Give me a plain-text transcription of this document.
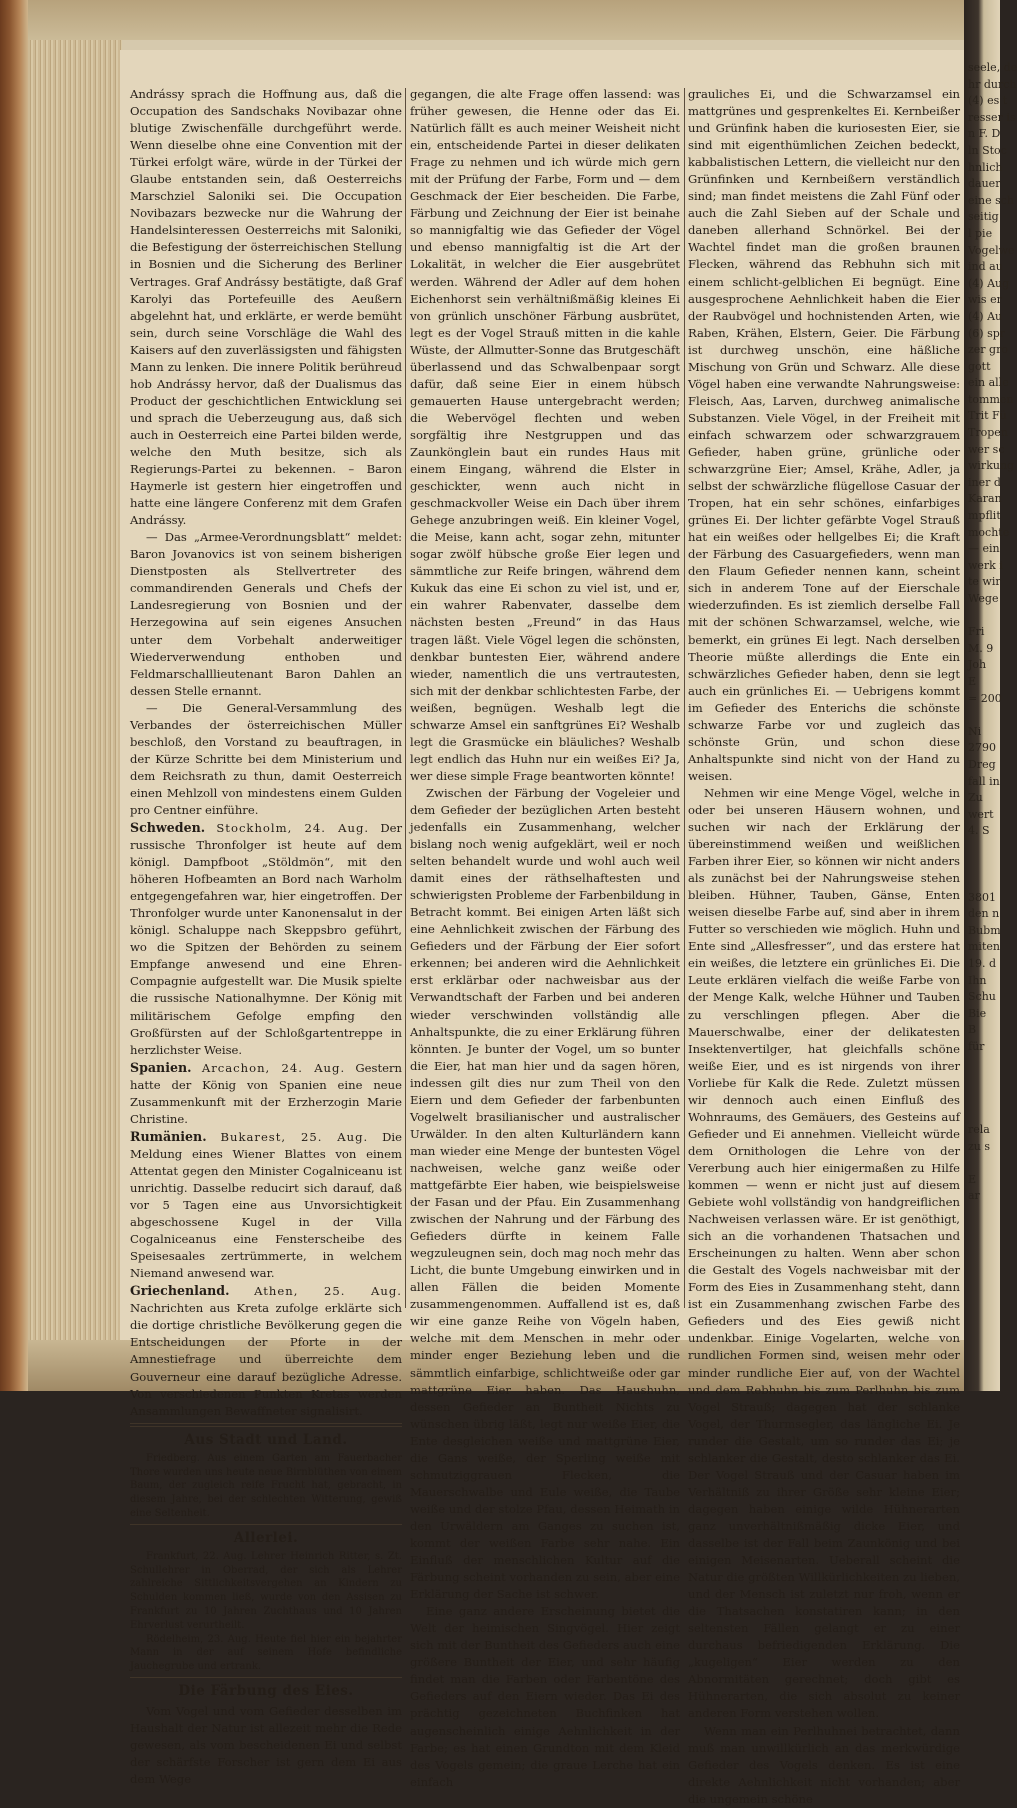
Andrássy sprach die Hoffnung aus, daß die Occupation des Sandschaks Novibazar ohne blutige Zwischenfälle durchgeführt werde. Wenn dieselbe ohne eine Convention mit der Türkei erfolgt wäre, würde in der Türkei der Glaube entstanden sein, daß Oesterreichs Marschziel Saloniki sei. Die Occupation Novibazars bezwecke nur die Wahrung der Handelsinteressen Oesterreichs mit Saloniki, die Befestigung der österreichischen Stellung in Bosnien und die Sicherung des Berliner Vertrages. Graf Andrássy bestätigte, daß Graf Karolyi das Portefeuille des Aeußern abgelehnt hat, und erklärte, er werde bemüht sein, durch seine Vorschläge die Wahl des Kaisers auf den zuverlässigsten und fähigsten Mann zu lenken. Die innere Politik berühreud hob Andrássy hervor, daß der Dualismus das Product der geschichtlichen Entwicklung sei und sprach die Ueberzeugung aus, daß sich auch in Oesterreich eine Partei bilden werde, welche den Muth besitze, sich als Regierungs-Partei zu bekennen. – Baron Haymerle ist gestern hier eingetroffen und hatte eine längere Conferenz mit dem Grafen Andrássy.

— Das „Armee-Verordnungsblatt“ meldet: Baron Jovanovics ist von seinem bisherigen Dienstposten als Stellvertreter des commandirenden Generals und Chefs der Landesregierung von Bosnien und der Herzegowina auf sein eigenes Ansuchen unter dem Vorbehalt anderweitiger Wiederverwendung enthoben und Feldmarschalllieutenant Baron Dahlen an dessen Stelle ernannt.

— Die General-Versammlung des Verbandes der österreichischen Müller beschloß, den Vorstand zu beauftragen, in der Kürze Schritte bei dem Ministerium und dem Reichsrath zu thun, damit Oesterreich einen Mehlzoll von mindestens einem Gulden pro Centner einführe.

Schweden. Stockholm, 24. Aug. Der russische Thronfolger ist heute auf dem königl. Dampfboot „Stöldmön“, mit den höheren Hofbeamten an Bord nach Warholm entgegengefahren war, hier eingetroffen. Der Thronfolger wurde unter Kanonensalut in der königl. Schaluppe nach Skeppsbro geführt, wo die Spitzen der Behörden zu seinem Empfange anwesend und eine Ehren-Compagnie aufgestellt war. Die Musik spielte die russische Nationalhymne. Der König mit militärischem Gefolge empfing den Großfürsten auf der Schloßgartentreppe in herzlichster Weise.

Spanien. Arcachon, 24. Aug. Gestern hatte der König von Spanien eine neue Zusammenkunft mit der Erzherzogin Marie Christine.

Rumänien. Bukarest, 25. Aug. Die Meldung eines Wiener Blattes von einem Attentat gegen den Minister Cogalniceanu ist unrichtig. Dasselbe reducirt sich darauf, daß vor 5 Tagen eine aus Unvorsichtigkeit abgeschossene Kugel in der Villa Cogalniceanus eine Fensterscheibe des Speisesaales zertrümmerte, in welchem Niemand anwesend war.

Griechenland. Athen, 25. Aug. Nachrichten aus Kreta zufolge erklärte sich die dortige christliche Bevölkerung gegen die Entscheidungen der Pforte in der Amnestiefrage und überreichte dem Gouverneur eine darauf bezügliche Adresse. Von verschiedenen Punkten Kretas werden Ansammlungen Bewaffneter signalisirt.

Aus Stadt und Land.

Friedberg. Aus einem Garten am Fauerbacher Thore wurden uns heute neue Birnblüthen von einem Baum, der zugleich reife Frucht hat, gebracht, in diesem Jahre, bei der schlechten Witterung, gewiß eine Seltenheit.

Allerlei.

Frankfurt, 22. Aug. Lehrer Heinrich Ritter, s. Zt. Schullehrer in Oberrad, der sich als Lehrer zahlreiche Sittlichkeitsvergehen an Kindern zu Schulden kommen ließ, wurde von den Assisen zu Frankfurt zu 10 Jahren Zuchthaus und 10 Jahren Ehrverlust verurtheilt.

Rödelheim, 23. Aug. Heute fiel hier ein bejahrter Mann in der auf seinem Hofe befindliche Jauchegrube und ertrank.

Die Färbung des Eies.

Vom Vogel und vom Gefieder desselben im Haushalt der Natur ist allezeit mehr die Rede gewesen, als vom bescheidenen Ei und selbst der schärfste Forscher ist gern dem Ei aus dem Wege

gegangen, die alte Frage offen lassend: was früher gewesen, die Henne oder das Ei. Natürlich fällt es auch meiner Weisheit nicht ein, entscheidende Partei in dieser delikaten Frage zu nehmen und ich würde mich gern mit der Prüfung der Farbe, Form und — dem Geschmack der Eier bescheiden. Die Farbe, Färbung und Zeichnung der Eier ist beinahe so mannigfaltig wie das Gefieder der Vögel und ebenso mannigfaltig ist die Art der Lokalität, in welcher die Eier ausgebrütet werden. Während der Adler auf dem hohen Eichenhorst sein verhältnißmäßig kleines Ei von grünlich unschöner Färbung ausbrütet, legt es der Vogel Strauß mitten in die kahle Wüste, der Allmutter-Sonne das Brutgeschäft überlassend und das Schwalbenpaar sorgt dafür, daß seine Eier in einem hübsch gemauerten Hause untergebracht werden; die Webervögel flechten und weben sorgfältig ihre Nestgruppen und das Zaunkönglein baut ein rundes Haus mit einem Eingang, während die Elster in geschickter, wenn auch nicht in geschmackvoller Weise ein Dach über ihrem Gehege anzubringen weiß. Ein kleiner Vogel, die Meise, kann acht, sogar zehn, mitunter sogar zwölf hübsche große Eier legen und sämmtliche zur Reife bringen, während dem Kukuk das eine Ei schon zu viel ist, und er, ein wahrer Rabenvater, dasselbe dem nächsten besten „Freund“ in das Haus tragen läßt. Viele Vögel legen die schönsten, denkbar buntesten Eier, während andere wieder, namentlich die uns vertrautesten, sich mit der denkbar schlichtesten Farbe, der weißen, begnügen. Weshalb legt die schwarze Amsel ein sanftgrünes Ei? Weshalb legt die Grasmücke ein bläuliches? Weshalb legt endlich das Huhn nur ein weißes Ei? Ja, wer diese simple Frage beantworten könnte!

Zwischen der Färbung der Vogeleier und dem Gefieder der bezüglichen Arten besteht jedenfalls ein Zusammenhang, welcher bislang noch wenig aufgeklärt, weil er noch selten behandelt wurde und wohl auch weil damit eines der räthselhaftesten und schwierigsten Probleme der Farbenbildung in Betracht kommt. Bei einigen Arten läßt sich eine Aehnlichkeit zwischen der Färbung des Gefieders und der Färbung der Eier sofort erkennen; bei anderen wird die Aehnlichkeit erst erklärbar oder nachweisbar aus der Verwandtschaft der Farben und bei anderen wieder verschwinden vollständig alle Anhaltspunkte, die zu einer Erklärung führen könnten. Je bunter der Vogel, um so bunter die Eier, hat man hier und da sagen hören, indessen gilt dies nur zum Theil von den Eiern und dem Gefieder der farbenbunten Vogelwelt brasilianischer und australischer Urwälder. In den alten Kulturländern kann man wieder eine Menge der buntesten Vögel nachweisen, welche ganz weiße oder mattgefärbte Eier haben, wie beispielsweise der Fasan und der Pfau. Ein Zusammenhang zwischen der Nahrung und der Färbung des Gefieders dürfte in keinem Falle wegzuleugnen sein, doch mag noch mehr das Licht, die bunte Umgebung einwirken und in allen Fällen die beiden Momente zusammengenommen. Auffallend ist es, daß wir eine ganze Reihe von Vögeln haben, welche mit dem Menschen in mehr oder minder enger Beziehung leben und die sämmtlich einfarbige, schlichtweiße oder gar mattgrüne Eier haben. Das Haushuhn, dessen Gefieder an Buntheit Nichts zu wünschen übrig läßt, legt nur weiße Eier, die Ente desgleichen weiße und mattgrüne Eier, die Gans weiße, der Sperling weiße mit schmutziggrauen Flecken, die Mauerschwalbe und Eule weiße, die Taube weiße und der stolze Pfau, dessen Heimath in den Urwäldern am Ganges zu suchen ist, kommt der weißen Farbe sehr nahe. Ein Einfluß der menschlichen Kultur auf die Färbung scheint vorhanden zu sein, aber eine Erklärung der Sache ist schwer.

Eine ganz andere Erscheinung bietet die Welt der heimischen Singvögel. Hier zeigt sich mit der Buntheit des Gefieders auch eine größere Buntheit der Eier, und sehr häufig findet man die Farben oder Farbentöne des Gefieders auf den Eiern wieder. Das Ei des prächtig gezeichneten Buchfinken hat augenscheinlich einige Aehnlichkeit in der Farbe; es hat einen Grundton mit dem Kleid des Vogels gemein; die graue Lerche hat ein einfach

grauliches Ei, und die Schwarzamsel ein mattgrünes und gesprenkeltes Ei. Kernbeißer und Grünfink haben die kuriosesten Eier, sie sind mit eigenthümlichen Zeichen bedeckt, kabbalistischen Lettern, die vielleicht nur den Grünfinken und Kernbeißern verständlich sind; man findet meistens die Zahl Fünf oder auch die Zahl Sieben auf der Schale und daneben allerhand Schnörkel. Bei der Wachtel findet man die großen braunen Flecken, während das Rebhuhn sich mit einem schlicht-gelblichen Ei begnügt. Eine ausgesprochene Aehnlichkeit haben die Eier der Raubvögel und hochnistenden Arten, wie Raben, Krähen, Elstern, Geier. Die Färbung ist durchweg unschön, eine häßliche Mischung von Grün und Schwarz. Alle diese Vögel haben eine verwandte Nahrungsweise: Fleisch, Aas, Larven, durchweg animalische Substanzen. Viele Vögel, in der Freiheit mit einfach schwarzem oder schwarzgrauem Gefieder, haben grüne, grünliche oder schwarzgrüne Eier; Amsel, Krähe, Adler, ja selbst der schwärzliche flügellose Casuar der Tropen, hat ein sehr schönes, einfarbiges grünes Ei. Der lichter gefärbte Vogel Strauß hat ein weißes oder hellgelbes Ei; die Kraft der Färbung des Casuargefieders, wenn man den Flaum Gefieder nennen kann, scheint sich in anderem Tone auf der Eierschale wiederzufinden. Es ist ziemlich derselbe Fall mit der schönen Schwarzamsel, welche, wie bemerkt, ein grünes Ei legt. Nach derselben Theorie müßte allerdings die Ente ein schwärzliches Gefieder haben, denn sie legt auch ein grünliches Ei. — Uebrigens kommt im Gefieder des Enterichs die schönste schwarze Farbe vor und zugleich das schönste Grün, und schon diese Anhaltspunkte sind nicht von der Hand zu weisen.

Nehmen wir eine Menge Vögel, welche in oder bei unseren Häusern wohnen, und suchen wir nach der Erklärung der übereinstimmend weißen und weißlichen Farben ihrer Eier, so können wir nicht anders als zunächst bei der Nahrungsweise stehen bleiben. Hühner, Tauben, Gänse, Enten weisen dieselbe Farbe auf, sind aber in ihrem Futter so verschieden wie möglich. Huhn und Ente sind „Allesfresser“, und das erstere hat ein weißes, die letztere ein grünliches Ei. Die Leute erklären vielfach die weiße Farbe von der Menge Kalk, welche Hühner und Tauben zu verschlingen pflegen. Aber die Mauerschwalbe, einer der delikatesten Insektenvertilger, hat gleichfalls schöne weiße Eier, und es ist nirgends von ihrer Vorliebe für Kalk die Rede. Zuletzt müssen wir dennoch auch einen Einfluß des Wohnraums, des Gemäuers, des Gesteins auf Gefieder und Ei annehmen. Vielleicht würde dem Ornithologen die Lehre von der Vererbung auch hier einigermaßen zu Hilfe kommen — wenn er nicht just auf diesem Gebiete wohl vollständig von handgreiflichen Nachweisen verlassen wäre. Er ist genöthigt, sich an die vorhandenen Thatsachen und Erscheinungen zu halten. Wenn aber schon die Gestalt des Vogels nachweisbar mit der Form des Eies in Zusammenhang steht, dann ist ein Zusammenhang zwischen Farbe des Gefieders und des Eies gewiß nicht undenkbar. Einige Vogelarten, welche von rundlichen Formen sind, weisen mehr oder minder rundliche Eier auf, von der Wachtel und dem Rebhuhn bis zum Perlhuhn bis zum Vogel Strauß; dagegen hat der schlanke Vogel, der Thurmsegler, das längliche Ei. Je runder die Gestalt, um so runder das Ei; je schlanker die Gestalt, desto schlanker das Ei. Der Vogel Strauß und der Casuar haben im Verhältniß zu ihrer Größe sehr kleine Eier; dagegen haben einige wilde Hühnerarten ganz unverhältnißmäßig dicke Eier, und dasselbe ist der Fall beim Zaunkönig und bei einigen Meisenarten. Ueberall scheint die Natur die größten Willkürlichkeiten zu lieben, und der Mensch ist zuletzt nur froh, wenn er die Thatsachen konstatiren kann; in den seltensten Fällen gelangt er zu einer durchaus befriedigenden Erklärung. Die „kugeligen“ Eier werden zu den Abnormitäten gerechnet; doch gibt es Hühnerarten, die sich absolut zu keiner anderen Form verstehen wollen.

Wenn man ein Perlhuhnei betrachtet, dann muß man unwillkürlich an das merkwürdige Gefieder des Vogels denken. Es ist eine direkte Aehnlichkeit nicht vorhanden; aber die ungemein schöne

seele, de
hr durch
(4) es t
resser is
n F. D
ln Stoc
hnlich
dauer
eine sch
seitig
l pie
Vogelwe
ind au
(4) Aug
wis er
(4) Au
(6) spr
zer gro
gott
ein alle
tommen
Trit Fü
Tropen
wer sc
wirkung
iner d
Karan
mpflit
mochte
— ein
werk i
te wir
Wege

Fri
M. 9
Joh
E
= 200

Ni
2790
Dreg
fall in
Zu
wert
4. S

3801
den n
Bubm
miten
19. d
Ihn
Schu
Bie
B
für

rela
zu s

E
ar
